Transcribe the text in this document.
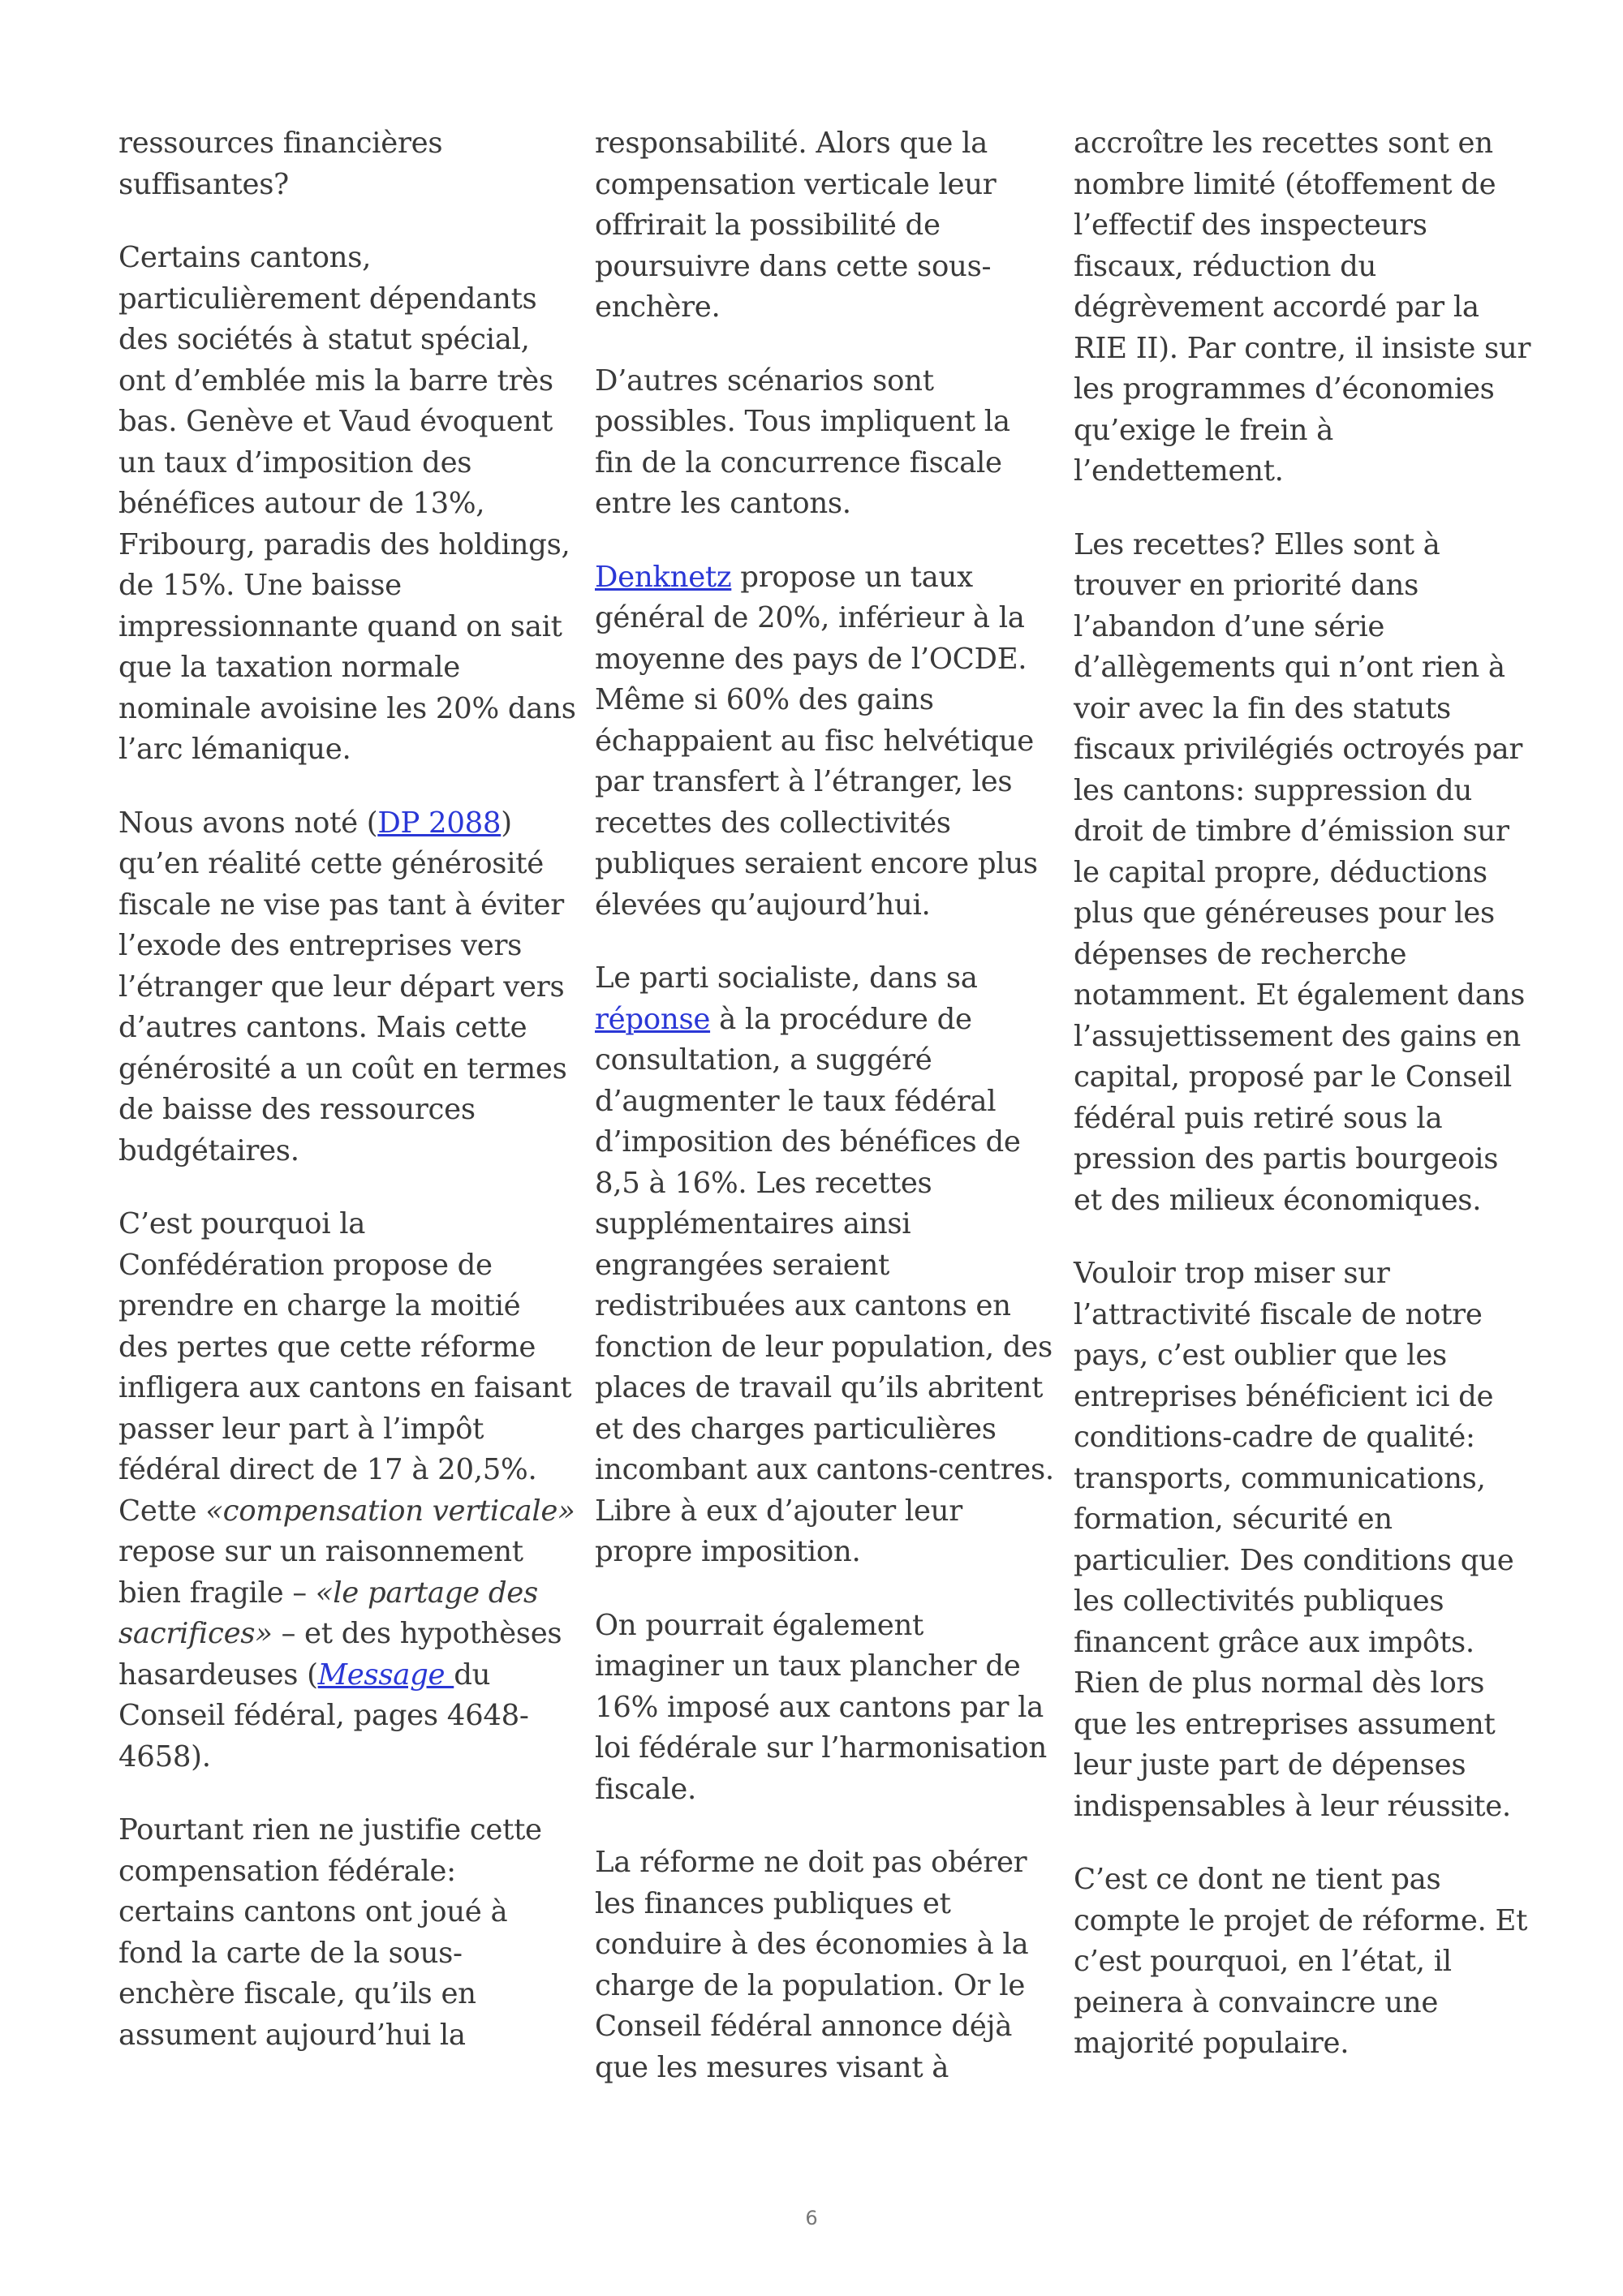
ressources financières
suffisantes?

Certains cantons,
particulièrement dépendants
des sociétés à statut spécial,
ont d’emblée mis la barre très
bas. Genève et Vaud évoquent
un taux d’imposition des
bénéfices autour de 13%,
Fribourg, paradis des holdings,
de 15%. Une baisse
impressionnante quand on sait
que la taxation normale
nominale avoisine les 20% dans
l’arc lémanique.

Nous avons noté (DP 2088)
qu’en réalité cette générosité
fiscale ne vise pas tant à éviter
l’exode des entreprises vers
l’étranger que leur départ vers
d’autres cantons. Mais cette
générosité a un coût en termes
de baisse des ressources
budgétaires.

C’est pourquoi la
Confédération propose de
prendre en charge la moitié
des pertes que cette réforme
infligera aux cantons en faisant
passer leur part à l’impôt
fédéral direct de 17 à 20,5%.
Cette «compensation verticale»
repose sur un raisonnement
bien fragile – «le partage des
sacrifices» – et des hypothèses
hasardeuses (Message du
Conseil fédéral, pages 4648-
4658).

Pourtant rien ne justifie cette
compensation fédérale:
certains cantons ont joué à
fond la carte de la sous-
enchère fiscale, qu’ils en
assument aujourd’hui la

responsabilité. Alors que la
compensation verticale leur
offrirait la possibilité de
poursuivre dans cette sous-
enchère.

D’autres scénarios sont
possibles. Tous impliquent la
fin de la concurrence fiscale
entre les cantons.

Denknetz propose un taux
général de 20%, inférieur à la
moyenne des pays de l’OCDE.
Même si 60% des gains
échappaient au fisc helvétique
par transfert à l’étranger, les
recettes des collectivités
publiques seraient encore plus
élevées qu’aujourd’hui.

Le parti socialiste, dans sa
réponse à la procédure de
consultation, a suggéré
d’augmenter le taux fédéral
d’imposition des bénéfices de
8,5 à 16%. Les recettes
supplémentaires ainsi
engrangées seraient
redistribuées aux cantons en
fonction de leur population, des
places de travail qu’ils abritent
et des charges particulières
incombant aux cantons-centres.
Libre à eux d’ajouter leur
propre imposition.

On pourrait également
imaginer un taux plancher de
16% imposé aux cantons par la
loi fédérale sur l’harmonisation
fiscale.

La réforme ne doit pas obérer
les finances publiques et
conduire à des économies à la
charge de la population. Or le
Conseil fédéral annonce déjà
que les mesures visant à

accroître les recettes sont en
nombre limité (étoffement de
l’effectif des inspecteurs
fiscaux, réduction du
dégrèvement accordé par la
RIE II). Par contre, il insiste sur
les programmes d’économies
qu’exige le frein à
l’endettement.

Les recettes? Elles sont à
trouver en priorité dans
l’abandon d’une série
d’allègements qui n’ont rien à
voir avec la fin des statuts
fiscaux privilégiés octroyés par
les cantons: suppression du
droit de timbre d’émission sur
le capital propre, déductions
plus que généreuses pour les
dépenses de recherche
notamment. Et également dans
l’assujettissement des gains en
capital, proposé par le Conseil
fédéral puis retiré sous la
pression des partis bourgeois
et des milieux économiques.

Vouloir trop miser sur
l’attractivité fiscale de notre
pays, c’est oublier que les
entreprises bénéficient ici de
conditions-cadre de qualité:
transports, communications,
formation, sécurité en
particulier. Des conditions que
les collectivités publiques
financent grâce aux impôts.
Rien de plus normal dès lors
que les entreprises assument
leur juste part de dépenses
indispensables à leur réussite.

C’est ce dont ne tient pas
compte le projet de réforme. Et
c’est pourquoi, en l’état, il
peinera à convaincre une
majorité populaire.

6
